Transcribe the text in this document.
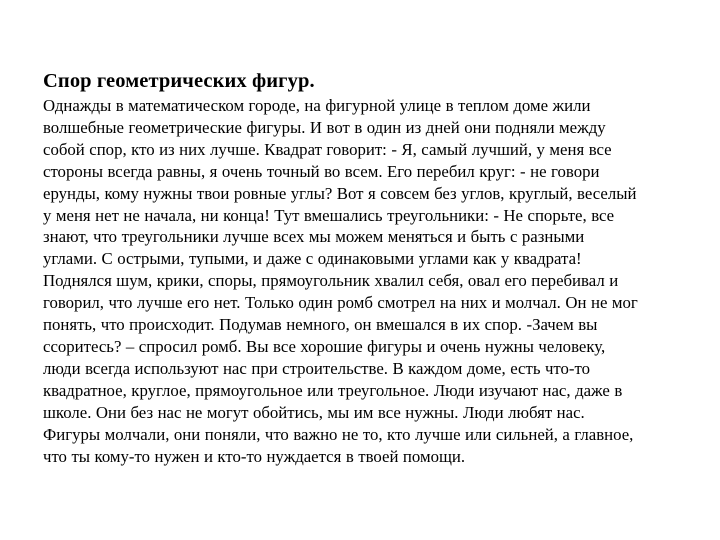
Спор геометрических фигур.
Однажды в математическом городе, на фигурной улице в теплом доме жили
волшебные геометрические фигуры. И вот в один из дней они подняли между
собой спор, кто из них лучше. Квадрат говорит: - Я, самый лучший, у меня все
стороны всегда равны, я очень точный во всем. Его перебил круг: - не говори
ерунды, кому нужны твои ровные углы? Вот я совсем без углов, круглый, веселый
у меня нет не начала, ни конца! Тут вмешались треугольники: - Не спорьте, все
знают, что треугольники лучше всех мы можем меняться и быть с разными
углами. С острыми, тупыми, и даже с одинаковыми углами как у квадрата!
Поднялся шум, крики, споры, прямоугольник хвалил себя, овал его перебивал и
говорил, что лучше его нет. Только один ромб смотрел на них и молчал. Он не мог
понять, что происходит. Подумав немного, он вмешался в их спор. -Зачем вы
ссоритесь? – спросил ромб. Вы все хорошие фигуры и очень нужны человеку,
люди всегда используют нас при строительстве. В каждом доме, есть что-то
квадратное, круглое, прямоугольное или треугольное. Люди изучают нас, даже в
школе. Они без нас не могут обойтись, мы им все нужны. Люди любят нас.
Фигуры молчали, они поняли, что важно не то, кто лучше или сильней, а главное,
что ты кому-то нужен и кто-то нуждается в твоей помощи.
